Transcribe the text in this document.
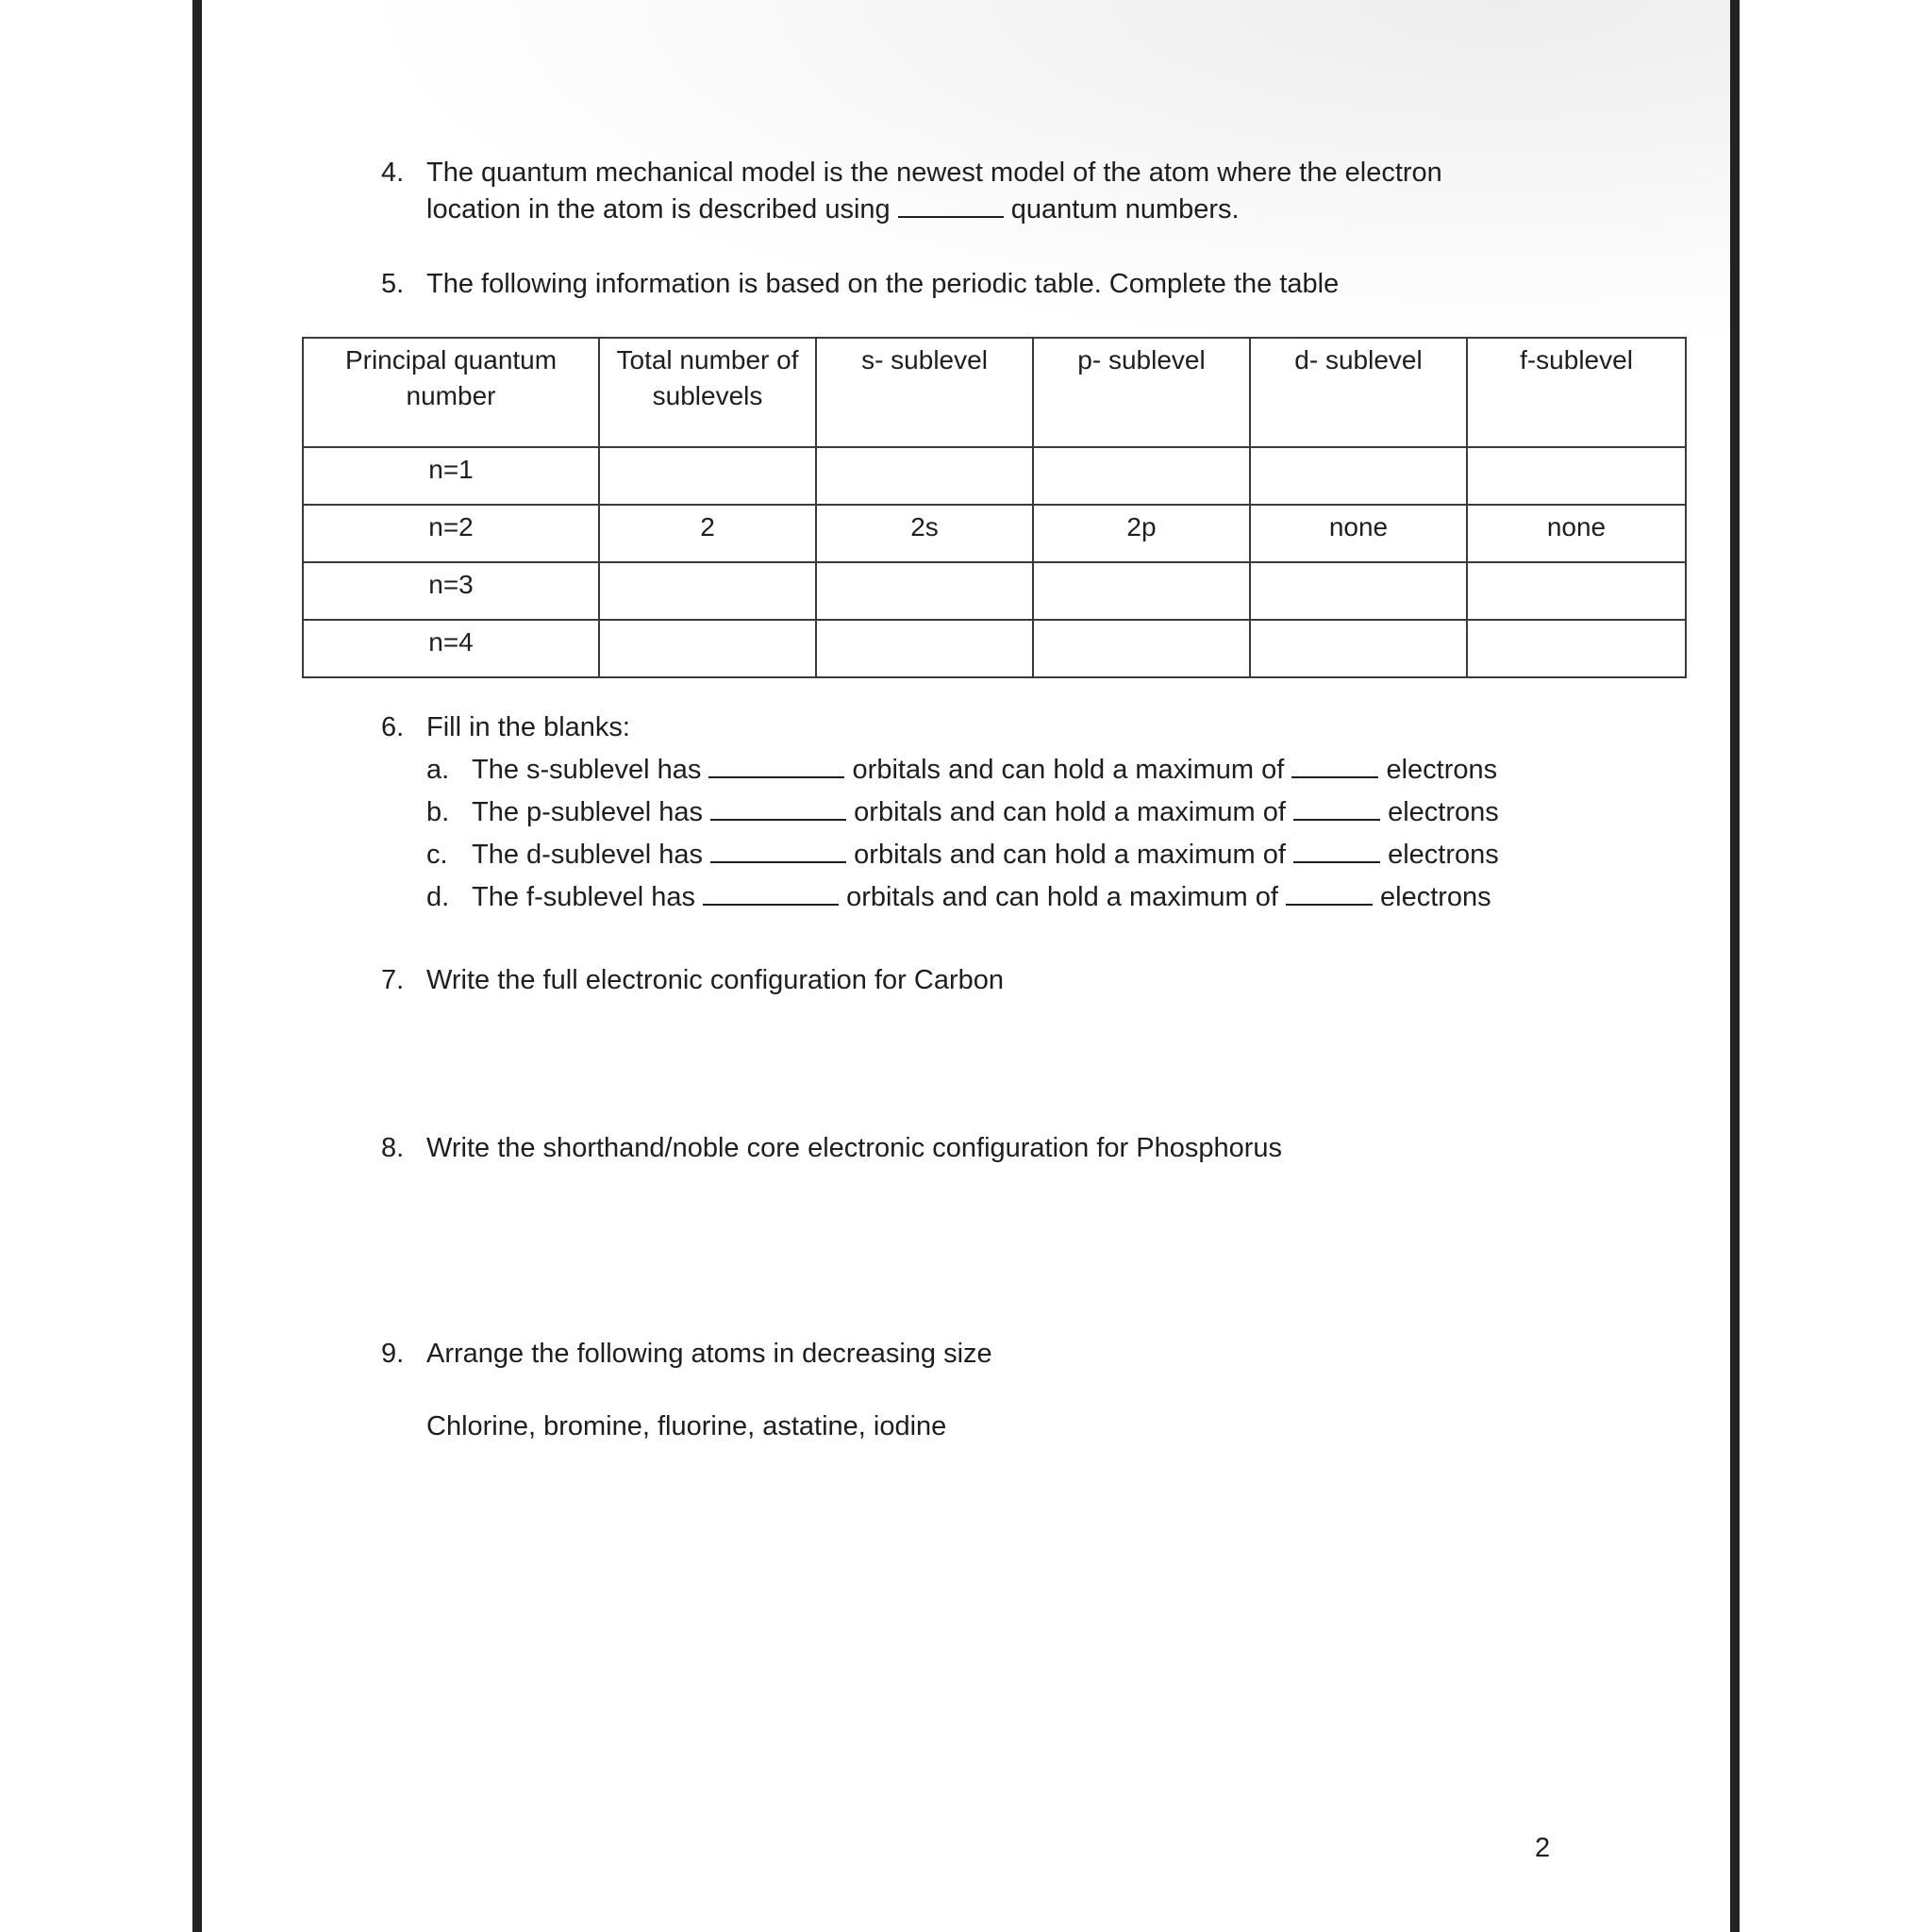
4. The quantum mechanical model is the newest model of the atom where the electron
location in the atom is described using	quantum numbers.
5. The following information is based on the periodic table. Complete the table
Principal quantum number	Total number of sublevels	s- sublevel	p- sublevel	d- sublevel	f-sublevel
n=1					
n=2	2	2s	2p	none	none
n=3					
n=4					
6. Fill in the blanks:
a. The s-sublevel has	orbitals and can hold a maximum of	electrons
b. The p-sublevel has	orbitals and can hold a maximum of	electrons
c. The d-sublevel has	orbitals and can hold a maximum of	electrons
d. The f-sublevel has	orbitals and can hold a maximum of	electrons
7. Write the full electronic configuration for Carbon
8. Write the shorthand/noble core electronic configuration for Phosphorus
9. Arrange the following atoms in decreasing size
Chlorine, bromine, fluorine, astatine, iodine
2
